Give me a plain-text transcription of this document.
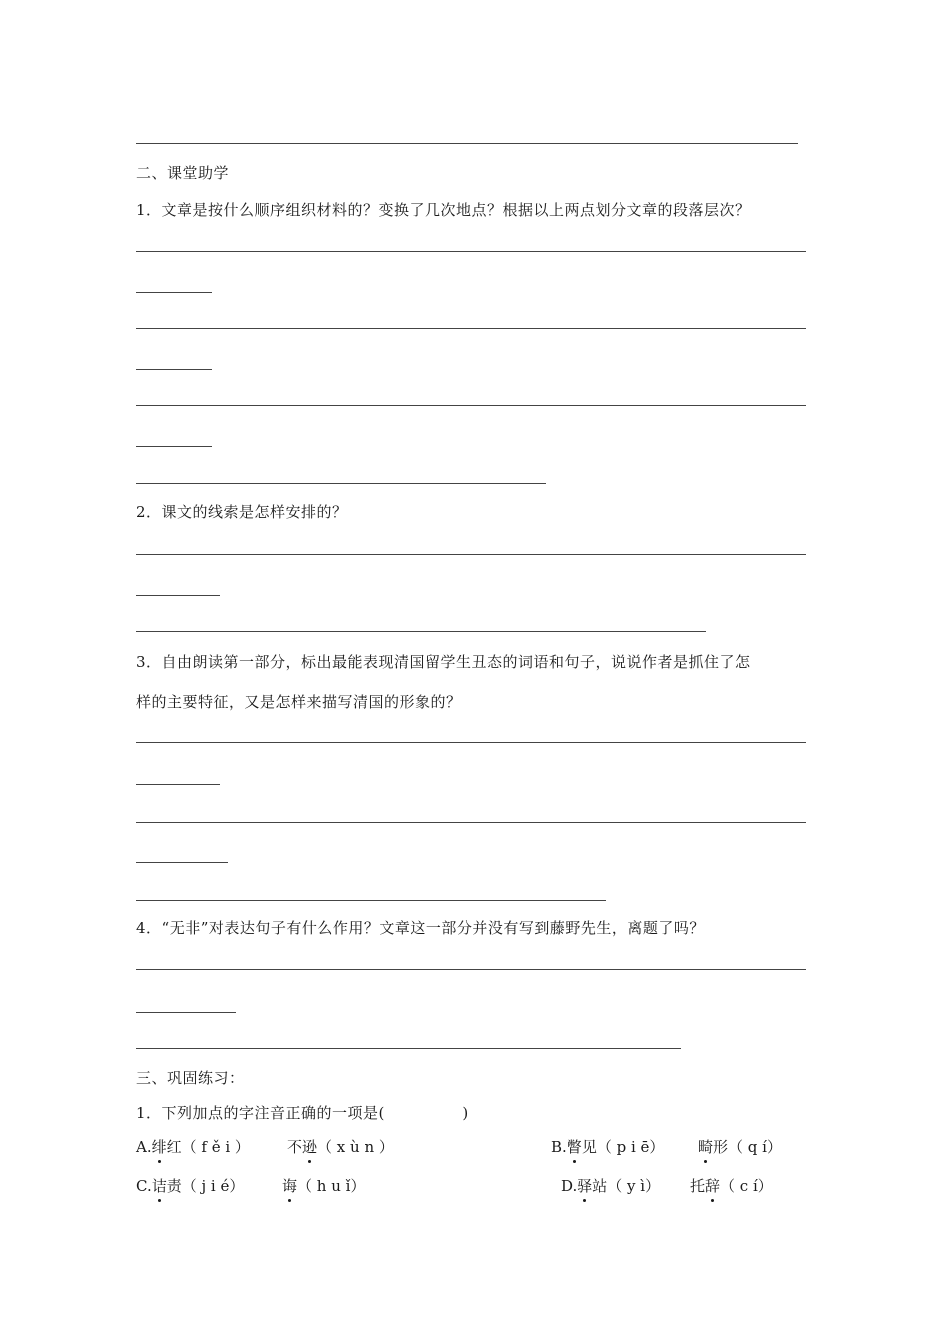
二、课堂助学
1．文章是按什么顺序组织材料的？变换了几次地点？根据以上两点划分文章的段落层次？
2．课文的线索是怎样安排的？
3．自由朗读第一部分，标出最能表现清国留学生丑态的词语和句子，说说作者是抓住了怎
样的主要特征，又是怎样来描写清国的形象的？
4．“无非”对表达句子有什么作用？文章这一部分并没有写到藤野先生，离题了吗？
三、巩固练习：
1．下列加点的字注音正确的一项是(　　　　　)
A.绯红（ f ě i ） 不逊（ x ù n ）	B.瞥见（ p i ē） 畸形（ q í）
C.诘责（ j i é）	诲（ h u ǐ）	D.驿站（ y ì） 托辞（ c í）
